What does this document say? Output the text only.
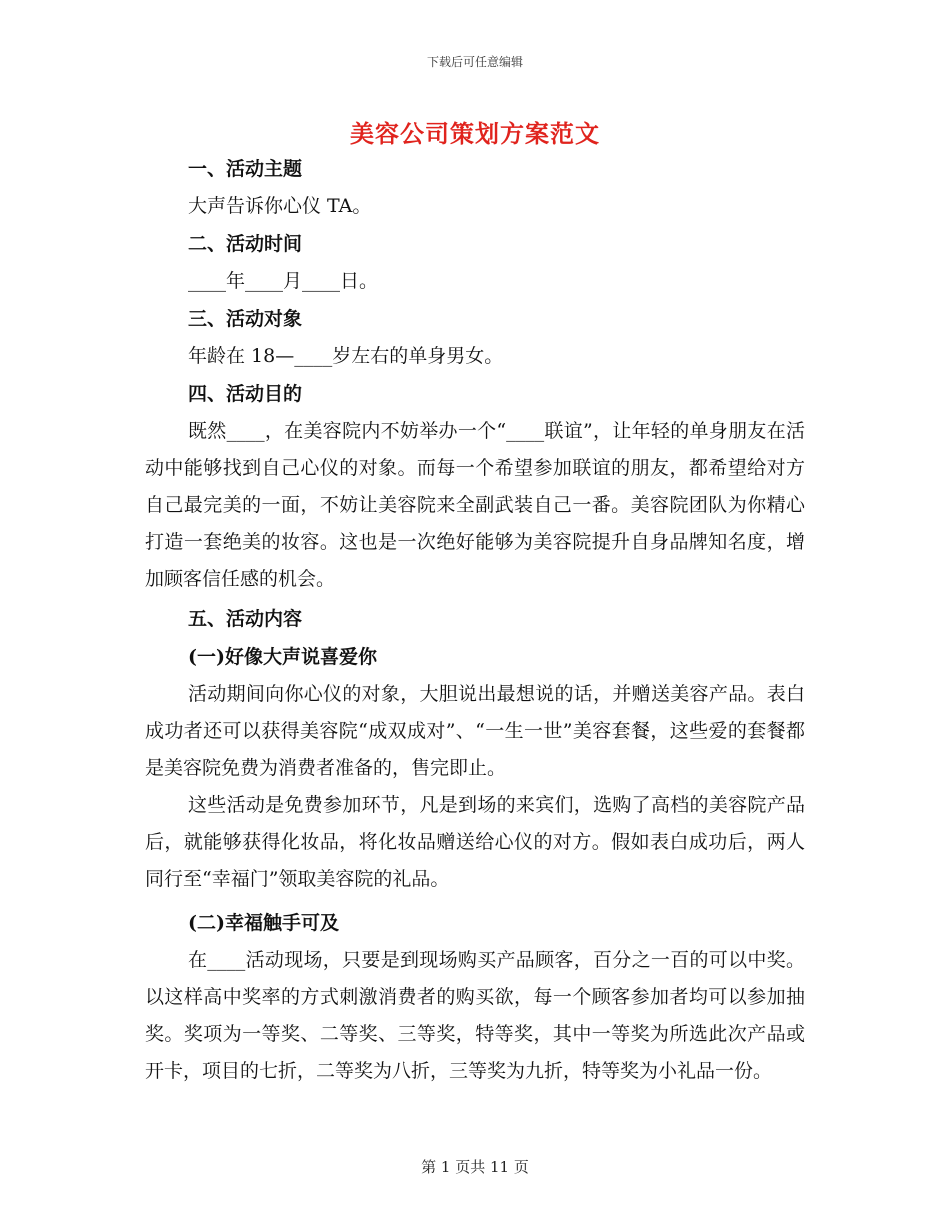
下载后可任意编辑
美容公司策划方案范文
一、活动主题
大声告诉你心仪 TA。
二、活动时间
____年____月____日。
三、活动对象
年龄在 18—____岁左右的单身男女。
四、活动目的

既然____，在美容院内不妨举办一个“____联谊”，让年轻的单身朋友在活动中能够找到自己心仪的对象。而每一个希望参加联谊的朋友，都希望给对方自己最完美的一面，不妨让美容院来全副武装自己一番。美容院团队为你精心打造一套绝美的妆容。这也是一次绝好能够为美容院提升自身品牌知名度，增加顾客信任感的机会。

五、活动内容
(一)好像大声说喜爱你

活动期间向你心仪的对象，大胆说出最想说的话，并赠送美容产品。表白成功者还可以获得美容院“成双成对”、“一生一世”美容套餐，这些爱的套餐都是美容院免费为消费者准备的，售完即止。

这些活动是免费参加环节，凡是到场的来宾们，选购了高档的美容院产品后，就能够获得化妆品，将化妆品赠送给心仪的对方。假如表白成功后，两人同行至“幸福门”领取美容院的礼品。

(二)幸福触手可及

在____活动现场，只要是到现场购买产品顾客，百分之一百的可以中奖。以这样高中奖率的方式刺激消费者的购买欲，每一个顾客参加者均可以参加抽奖。奖项为一等奖、二等奖、三等奖，特等奖，其中一等奖为所选此次产品或开卡，项目的七折，二等奖为八折，三等奖为九折，特等奖为小礼品一份。

第 1 页共 11 页
